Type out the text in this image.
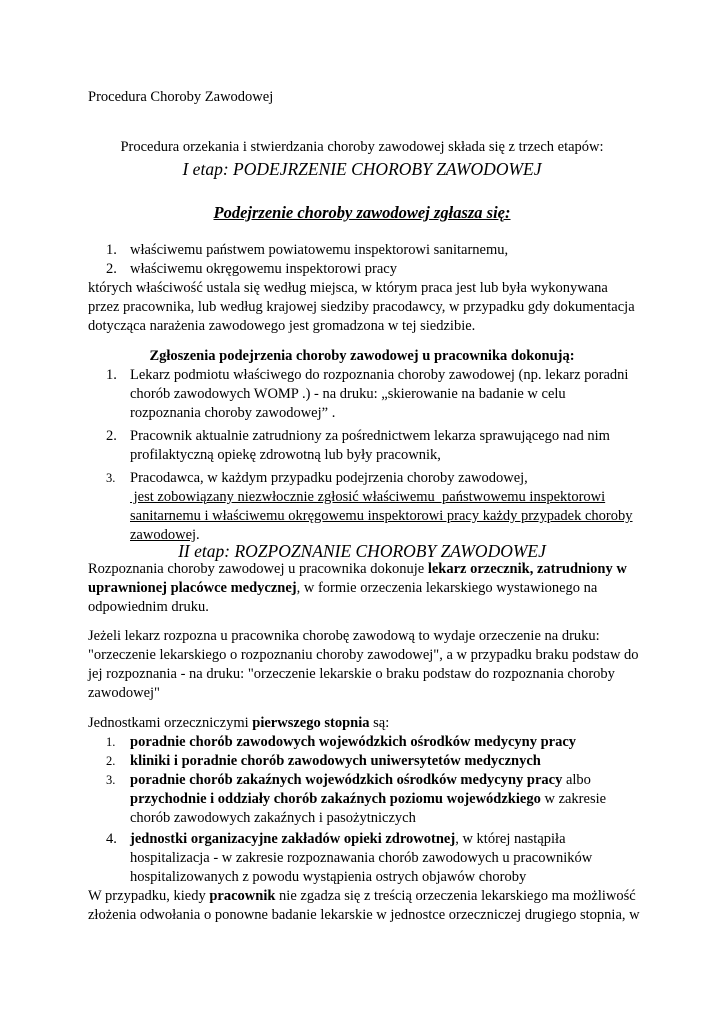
Procedura Choroby Zawodowej
Procedura orzekania i stwierdzania choroby zawodowej składa się z trzech etapów:
I etap: PODEJRZENIE CHOROBY ZAWODOWEJ
Podejrzenie choroby zawodowej zgłasza się:
1. właściwemu państwem powiatowemu inspektorowi sanitarnemu,
2. właściwemu okręgowemu inspektorowi pracy
których właściwość ustala się według miejsca, w którym praca jest lub była wykonywana
przez pracownika, lub według krajowej siedziby pracodawcy, w przypadku gdy dokumentacja
dotycząca narażenia zawodowego jest gromadzona w tej siedzibie.
Zgłoszenia podejrzenia choroby zawodowej u pracownika dokonują:
1. Lekarz podmiotu właściwego do rozpoznania choroby zawodowej (np. lekarz poradni
chorób zawodowych WOMP .) - na druku: „skierowanie na badanie w celu
rozpoznania choroby zawodowej” .
2. Pracownik aktualnie zatrudniony za pośrednictwem lekarza sprawującego nad nim
profilaktyczną opiekę zdrowotną lub były pracownik,
3. Pracodawca, w każdym przypadku podejrzenia choroby zawodowej,
jest zobowiązany niezwłocznie zgłosić właściwemu  państwowemu inspektorowi
sanitarnemu i właściwemu okręgowemu inspektorowi pracy każdy przypadek choroby
zawodowej.
II etap: ROZPOZNANIE CHOROBY ZAWODOWEJ
Rozpoznania choroby zawodowej u pracownika dokonuje lekarz orzecznik, zatrudniony w
uprawnionej placówce medycznej, w formie orzeczenia lekarskiego wystawionego na
odpowiednim druku.
Jeżeli lekarz rozpozna u pracownika chorobę zawodową to wydaje orzeczenie na druku:
"orzeczenie lekarskiego o rozpoznaniu choroby zawodowej", a w przypadku braku podstaw do
jej rozpoznania - na druku: "orzeczenie lekarskie o braku podstaw do rozpoznania choroby
zawodowej"
Jednostkami orzeczniczymi pierwszego stopnia są:
1. poradnie chorób zawodowych wojewódzkich ośrodków medycyny pracy
2. kliniki i poradnie chorób zawodowych uniwersytetów medycznych
3. poradnie chorób zakaźnych wojewódzkich ośrodków medycyny pracy albo
przychodnie i oddziały chorób zakaźnych poziomu wojewódzkiego w zakresie
chorób zawodowych zakaźnych i pasożytniczych
4. jednostki organizacyjne zakładów opieki zdrowotnej, w której nastąpiła
hospitalizacja - w zakresie rozpoznawania chorób zawodowych u pracowników
hospitalizowanych z powodu wystąpienia ostrych objawów choroby
W przypadku, kiedy pracownik nie zgadza się z treścią orzeczenia lekarskiego ma możliwość
złożenia odwołania o ponowne badanie lekarskie w jednostce orzeczniczej drugiego stopnia, w
